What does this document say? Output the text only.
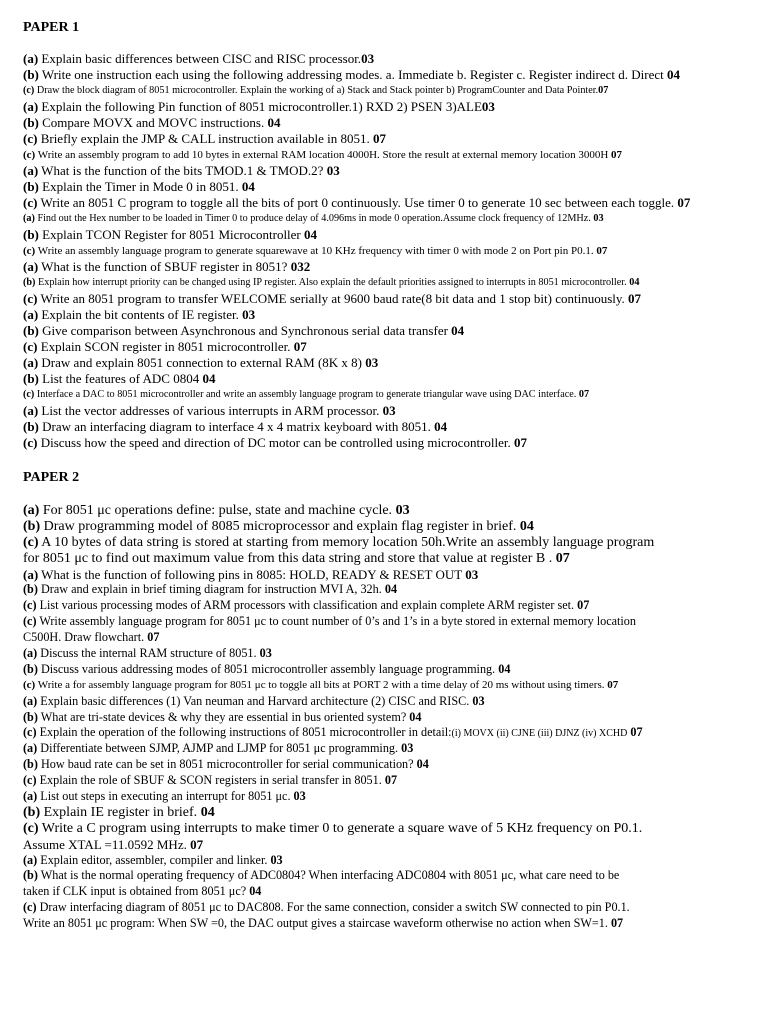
PAPER 1
(a) Explain basic differences between CISC and RISC processor.03
(b) Write one instruction each using the following addressing modes. a. Immediate b. Register c. Register indirect d. Direct 04
(c) Draw the block diagram of 8051 microcontroller. Explain the working of a) Stack and Stack pointer b) ProgramCounter and Data Pointer.07
(a) Explain the following Pin function of 8051 microcontroller.1) RXD 2) PSEN 3)ALE03
(b) Compare MOVX and MOVC instructions. 04
(c) Briefly explain the JMP & CALL instruction available in 8051. 07
(c) Write an assembly program to add 10 bytes in external RAM location 4000H. Store the result at external memory location 3000H 07
(a) What is the function of the bits TMOD.1 & TMOD.2? 03
(b) Explain the Timer in Mode 0 in 8051. 04
(c) Write an 8051 C program to toggle all the bits of port 0 continuously. Use timer 0 to generate 10 sec between each toggle. 07
(a) Find out the Hex number to be loaded in Timer 0 to produce delay of 4.096ms in mode 0 operation.Assume clock frequency of 12MHz. 03
(b) Explain TCON Register for 8051 Microcontroller 04
(c) Write an assembly language program to generate squarewave at 10 KHz frequency with timer 0 with mode 2 on Port pin P0.1. 07
(a) What is the function of SBUF register in 8051? 032
(b) Explain how interrupt priority can be changed using IP register. Also explain the default priorities assigned to interrupts in 8051 microcontroller. 04
(c) Write an 8051 program to transfer WELCOME serially at 9600 baud rate(8 bit data and 1 stop bit) continuously. 07
(a) Explain the bit contents of IE register. 03
(b) Give comparison between Asynchronous and Synchronous serial data transfer 04
(c) Explain SCON register in 8051 microcontroller. 07
(a) Draw and explain 8051 connection to external RAM (8K x 8) 03
(b) List the features of ADC 0804 04
(c) Interface a DAC to 8051 microcontroller and write an assembly language program to generate triangular wave using DAC interface. 07
(a) List the vector addresses of various interrupts in ARM processor. 03
(b) Draw an interfacing diagram to interface 4 x 4 matrix keyboard with 8051. 04
(c) Discuss how the speed and direction of DC motor can be controlled using microcontroller. 07
PAPER 2
(a) For 8051 μc operations define: pulse, state and machine cycle. 03
(b) Draw programming model of 8085 microprocessor and explain flag register in brief. 04
(c) A 10 bytes of data string is stored at starting from memory location 50h.Write an assembly language program
for 8051 μc to find out maximum value from this data string and store that value at register B . 07
(a) What is the function of following pins in 8085: HOLD, READY & RESET OUT 03
(b) Draw and explain in brief timing diagram for instruction MVI A, 32h. 04
(c) List various processing modes of ARM processors with classification and explain complete ARM register set. 07
(c) Write assembly language program for 8051 μc to count number of 0’s and 1’s in a byte stored in external memory location
C500H. Draw flowchart. 07
(a) Discuss the internal RAM structure of 8051. 03
(b) Discuss various addressing modes of 8051 microcontroller assembly language programming. 04
(c) Write a for assembly language program for 8051 μc to toggle all bits at PORT 2 with a time delay of 20 ms without using timers. 07
(a) Explain basic differences (1) Van neuman and Harvard architecture (2) CISC and RISC. 03
(b) What are tri-state devices & why they are essential in bus oriented system? 04
(c) Explain the operation of the following instructions of 8051 microcontroller in detail:(i) MOVX (ii) CJNE (iii) DJNZ (iv) XCHD 07
(a) Differentiate between SJMP, AJMP and LJMP for 8051 μc programming. 03
(b) How baud rate can be set in 8051 microcontroller for serial communication? 04
(c) Explain the role of SBUF & SCON registers in serial transfer in 8051. 07
(a) List out steps in executing an interrupt for 8051 μc. 03
(b) Explain IE register in brief. 04
(c) Write a C program using interrupts to make timer 0 to generate a square wave of 5 KHz frequency on P0.1.
Assume XTAL =11.0592 MHz. 07
(a) Explain editor, assembler, compiler and linker. 03
(b) What is the normal operating frequency of ADC0804? When interfacing ADC0804 with 8051 μc, what care need to be
taken if CLK input is obtained from 8051 μc? 04
(c) Draw interfacing diagram of 8051 μc to DAC808. For the same connection, consider a switch SW connected to pin P0.1.
Write an 8051 μc program: When SW =0, the DAC output gives a staircase waveform otherwise no action when SW=1. 07
